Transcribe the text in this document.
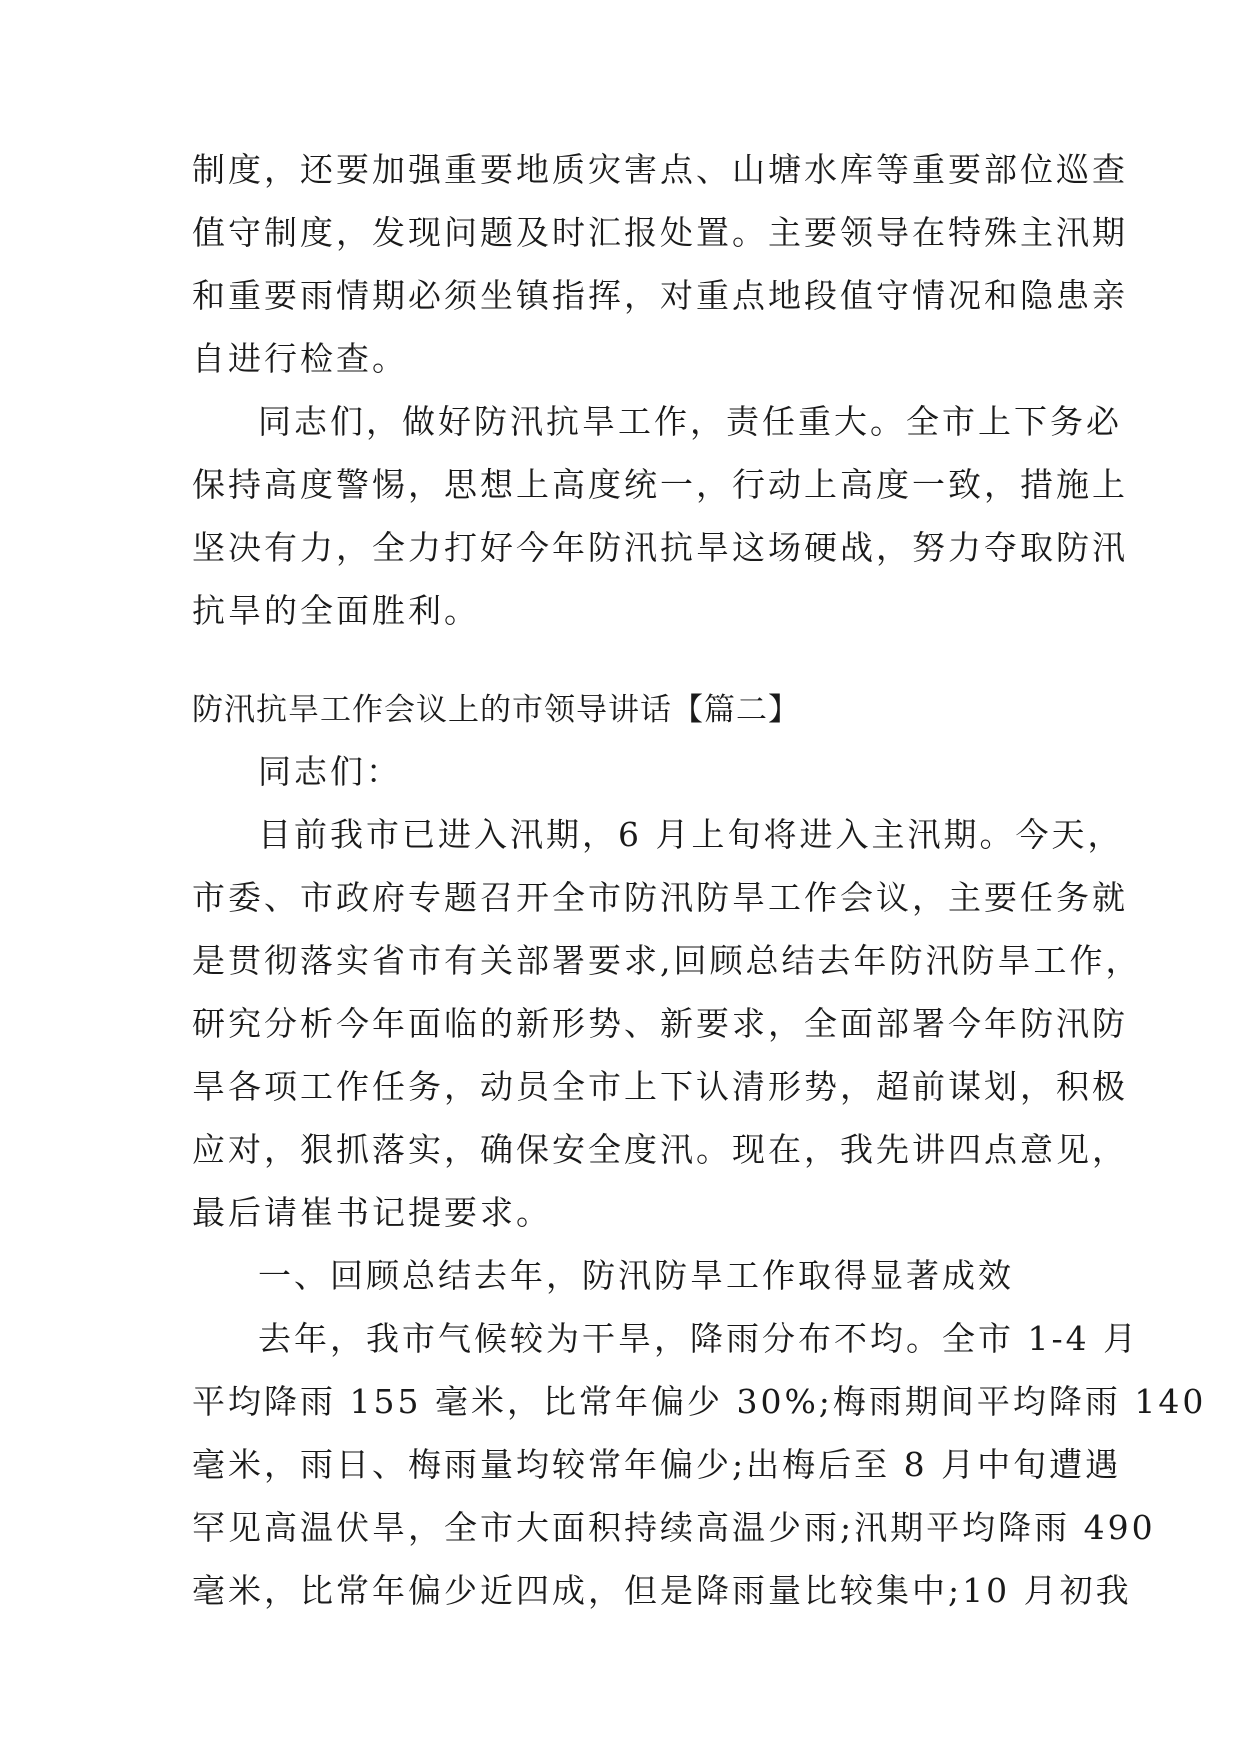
制度，还要加强重要地质灾害点、山塘水库等重要部位巡查
值守制度，发现问题及时汇报处置。主要领导在特殊主汛期
和重要雨情期必须坐镇指挥，对重点地段值守情况和隐患亲
自进行检查。
同志们，做好防汛抗旱工作，责任重大。全市上下务必
保持高度警惕，思想上高度统一，行动上高度一致，措施上
坚决有力，全力打好今年防汛抗旱这场硬战，努力夺取防汛
抗旱的全面胜利。
防汛抗旱工作会议上的市领导讲话【篇二】
同志们：
目前我市已进入汛期，6 月上旬将进入主汛期。今天，
市委、市政府专题召开全市防汛防旱工作会议，主要任务就
是贯彻落实省市有关部署要求,回顾总结去年防汛防旱工作，
研究分析今年面临的新形势、新要求，全面部署今年防汛防
旱各项工作任务，动员全市上下认清形势，超前谋划，积极
应对，狠抓落实，确保安全度汛。现在，我先讲四点意见，
最后请崔书记提要求。
一、回顾总结去年，防汛防旱工作取得显著成效
去年，我市气候较为干旱，降雨分布不均。全市 1-4 月
平均降雨 155 毫米，比常年偏少 30%;梅雨期间平均降雨 140
毫米，雨日、梅雨量均较常年偏少;出梅后至 8 月中旬遭遇
罕见高温伏旱，全市大面积持续高温少雨;汛期平均降雨 490
毫米，比常年偏少近四成，但是降雨量比较集中;10 月初我
